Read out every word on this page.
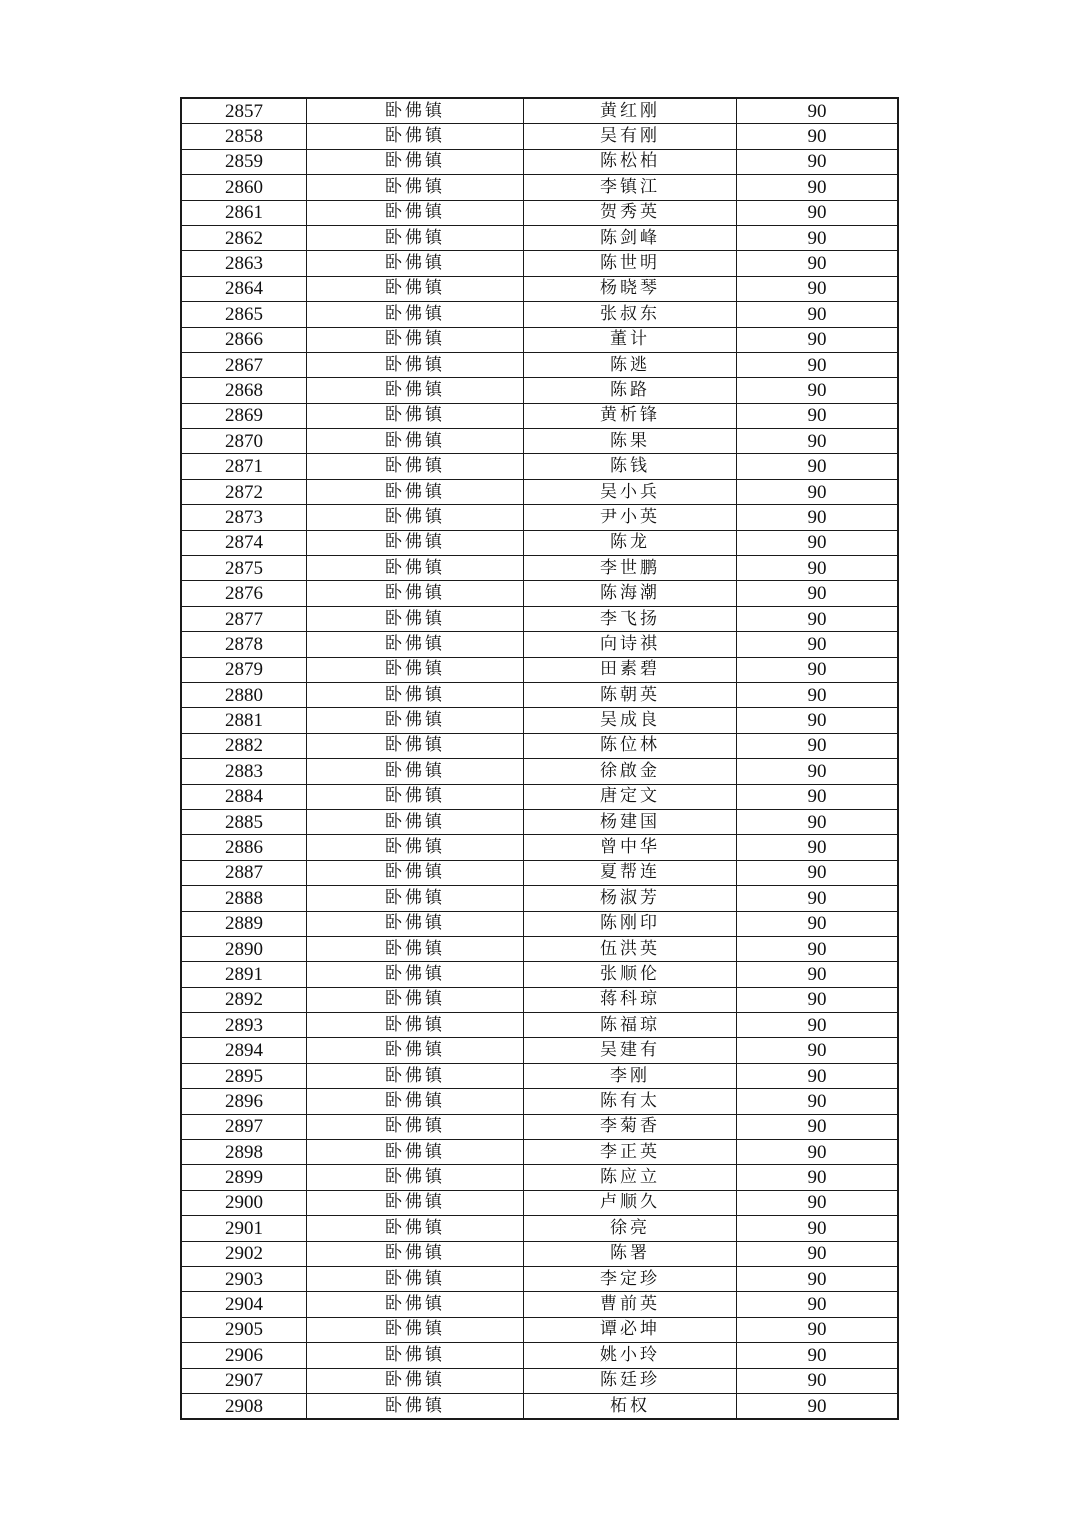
2857	卧佛镇	黄红刚	90
2858	卧佛镇	吴有刚	90
2859	卧佛镇	陈松柏	90
2860	卧佛镇	李镇江	90
2861	卧佛镇	贺秀英	90
2862	卧佛镇	陈剑峰	90
2863	卧佛镇	陈世明	90
2864	卧佛镇	杨晓琴	90
2865	卧佛镇	张叔东	90
2866	卧佛镇	董计	90
2867	卧佛镇	陈逃	90
2868	卧佛镇	陈路	90
2869	卧佛镇	黄析锋	90
2870	卧佛镇	陈果	90
2871	卧佛镇	陈钱	90
2872	卧佛镇	吴小兵	90
2873	卧佛镇	尹小英	90
2874	卧佛镇	陈龙	90
2875	卧佛镇	李世鹏	90
2876	卧佛镇	陈海潮	90
2877	卧佛镇	李飞扬	90
2878	卧佛镇	向诗祺	90
2879	卧佛镇	田素碧	90
2880	卧佛镇	陈朝英	90
2881	卧佛镇	吴成良	90
2882	卧佛镇	陈位林	90
2883	卧佛镇	徐啟金	90
2884	卧佛镇	唐定文	90
2885	卧佛镇	杨建国	90
2886	卧佛镇	曾中华	90
2887	卧佛镇	夏帮连	90
2888	卧佛镇	杨淑芳	90
2889	卧佛镇	陈刚印	90
2890	卧佛镇	伍洪英	90
2891	卧佛镇	张顺伦	90
2892	卧佛镇	蒋科琼	90
2893	卧佛镇	陈福琼	90
2894	卧佛镇	吴建有	90
2895	卧佛镇	李刚	90
2896	卧佛镇	陈有太	90
2897	卧佛镇	李菊香	90
2898	卧佛镇	李正英	90
2899	卧佛镇	陈应立	90
2900	卧佛镇	卢顺久	90
2901	卧佛镇	徐亮	90
2902	卧佛镇	陈署	90
2903	卧佛镇	李定珍	90
2904	卧佛镇	曹前英	90
2905	卧佛镇	谭必坤	90
2906	卧佛镇	姚小玲	90
2907	卧佛镇	陈廷珍	90
2908	卧佛镇	柘权	90
